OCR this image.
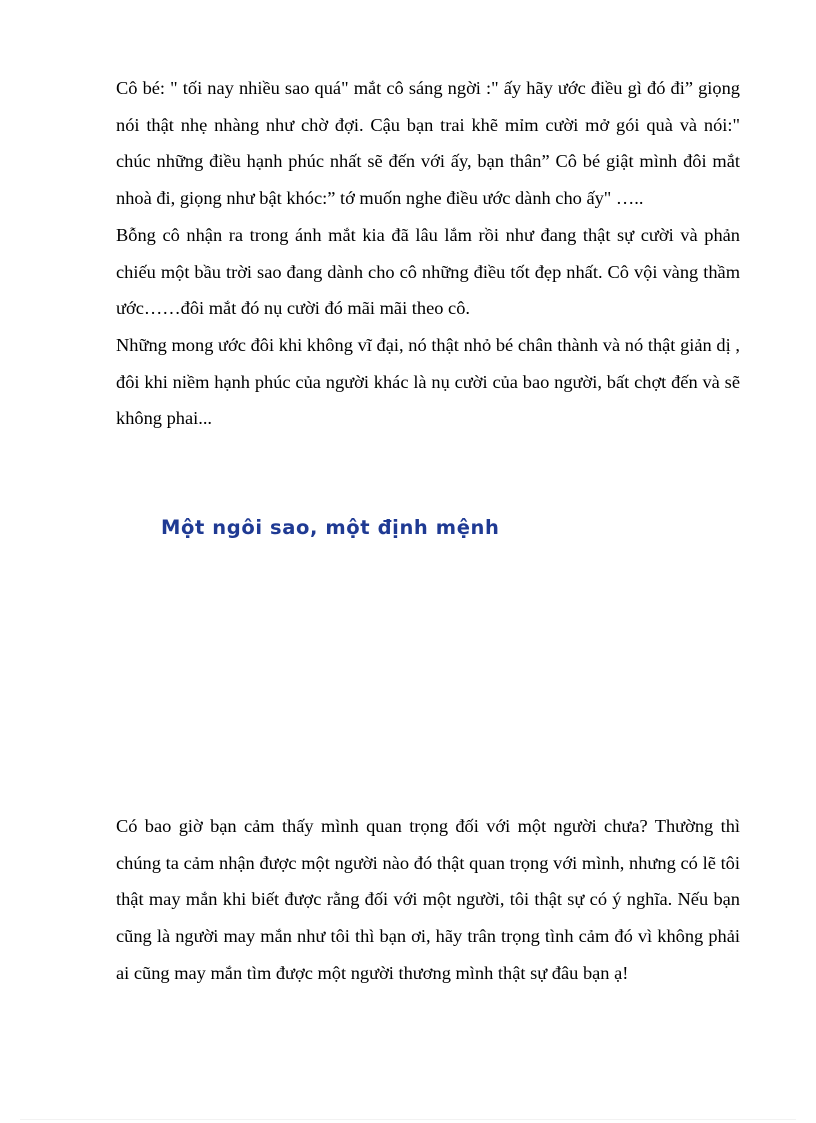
Cô bé: " tối nay nhiều sao quá" mắt cô sáng ngời :" ấy hãy ước điều gì đó đi” giọng nói thật nhẹ nhàng như chờ đợi. Cậu bạn trai khẽ mỉm cười mở gói quà và nói:" chúc những điều hạnh phúc nhất sẽ đến với ấy, bạn thân” Cô bé giật mình đôi mắt nhoà đi, giọng như bật khóc:” tớ muốn nghe điều ước dành cho ấy" …..

Bỗng cô nhận ra trong ánh mắt kia đã lâu lắm rồi như đang thật sự cười và phản chiếu một bầu trời sao đang dành cho cô những điều tốt đẹp nhất. Cô vội vàng thầm ước……đôi mắt đó nụ cười đó mãi mãi theo cô.

Những mong ước đôi khi không vĩ đại, nó thật nhỏ bé chân thành và nó thật giản dị , đôi khi niềm hạnh phúc của người khác là nụ cười của bao người, bất chợt đến và sẽ không phai...

Một ngôi sao, một định mệnh

Có bao giờ bạn cảm thấy mình quan trọng đối với một người chưa? Thường thì chúng ta cảm nhận được một người nào đó thật quan trọng với mình, nhưng có lẽ tôi thật may mắn khi biết được rằng đối với một người, tôi thật sự có ý nghĩa. Nếu bạn cũng là người may mắn như tôi thì bạn ơi, hãy trân trọng tình cảm đó vì không phải ai cũng may mắn tìm được một người thương mình thật sự đâu bạn ạ!
